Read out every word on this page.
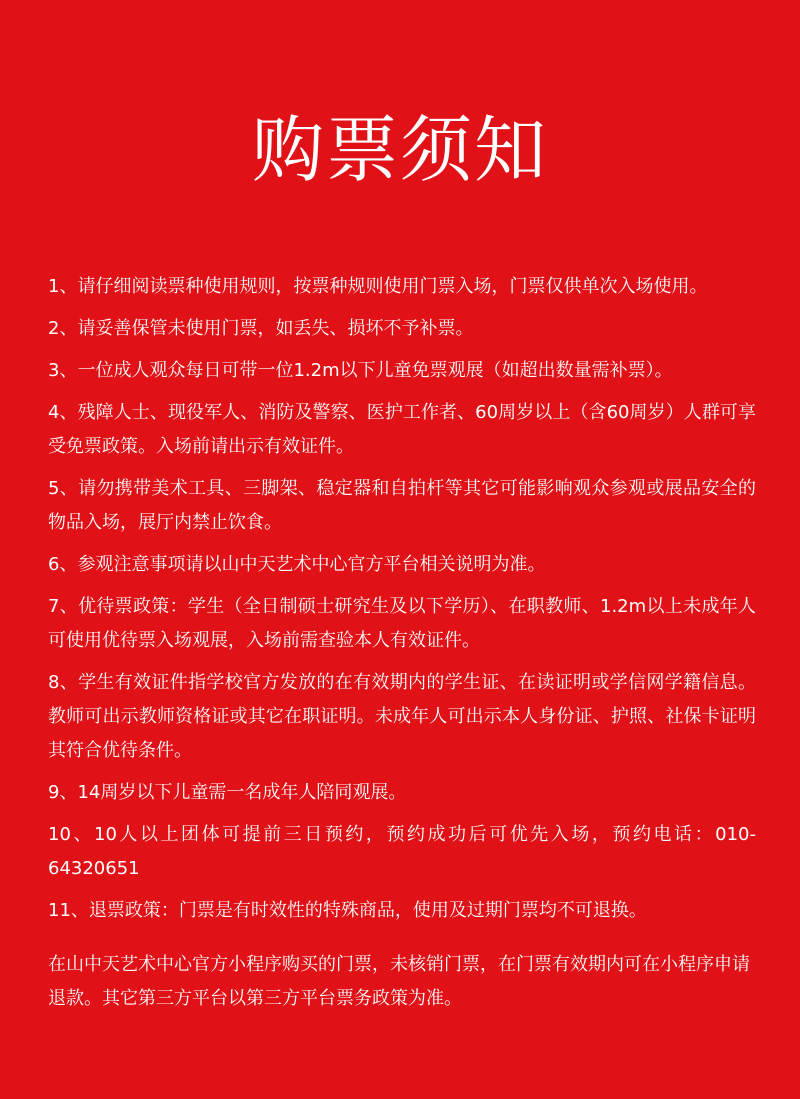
购票须知
1、请仔细阅读票种使用规则，按票种规则使用门票入场，门票仅供单次入场使用。
2、请妥善保管未使用门票，如丢失、损坏不予补票。
3、一位成人观众每日可带一位1.2m以下儿童免票观展（如超出数量需补票）。
4、残障人士、现役军人、消防及警察、医护工作者、60周岁以上（含60周岁）人群可享受免票政策。入场前请出示有效证件。
5、请勿携带美术工具、三脚架、稳定器和自拍杆等其它可能影响观众参观或展品安全的物品入场，展厅内禁止饮食。
6、参观注意事项请以山中天艺术中心官方平台相关说明为准。
7、优待票政策：学生（全日制硕士研究生及以下学历）、在职教师、1.2m以上未成年人可使用优待票入场观展，入场前需查验本人有效证件。
8、学生有效证件指学校官方发放的在有效期内的学生证、在读证明或学信网学籍信息。教师可出示教师资格证或其它在职证明。未成年人可出示本人身份证、护照、社保卡证明其符合优待条件。
9、14周岁以下儿童需一名成年人陪同观展。
10、10人以上团体可提前三日预约，预约成功后可优先入场，预约电话：010-64320651
11、退票政策：门票是有时效性的特殊商品，使用及过期门票均不可退换。

在山中天艺术中心官方小程序购买的门票，未核销门票，在门票有效期内可在小程序申请退款。其它第三方平台以第三方平台票务政策为准。
